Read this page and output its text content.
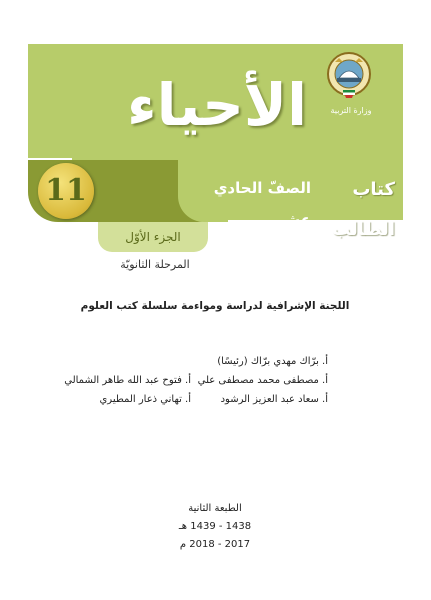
الأحياء	وزارة التربية
كتاب الطالب
الصفّ الحادي عشر
11
الجزء الأوّل
المرحلة الثانويّة
اللجنة الإشرافية لدراسة ومواءمة سلسلة كتب العلوم
أ. برّاك مهدي برّاك (رئيسًا)
أ. مصطفى محمد مصطفى علي
أ. فتوح عبد الله طاهر الشمالي
أ. سعاد عبد العزيز الرشود
أ. تهاني ذعار المطيري
الطبعة الثانية
1438 - 1439 هـ
2017 - 2018 م
